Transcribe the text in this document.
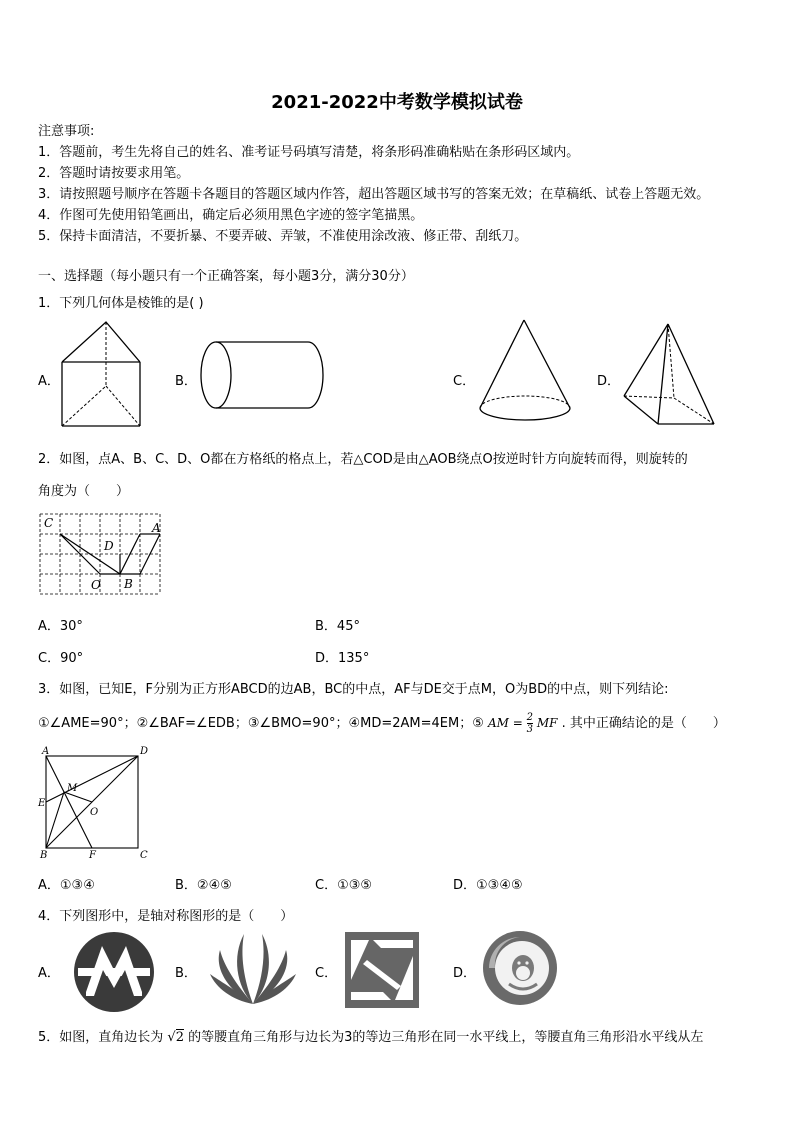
2021-2022中考数学模拟试卷
注意事项:
1．答题前，考生先将自己的姓名、准考证号码填写清楚，将条形码准确粘贴在条形码区域内。
2．答题时请按要求用笔。
3．请按照题号顺序在答题卡各题目的答题区域内作答，超出答题区域书写的答案无效；在草稿纸、试卷上答题无效。
4．作图可先使用铅笔画出，确定后必须用黑色字迹的签字笔描黑。
5．保持卡面清洁，不要折暴、不要弄破、弄皱，不准使用涂改液、修正带、刮纸刀。
一、选择题（每小题只有一个正确答案，每小题3分，满分30分）
1．下列几何体是棱锥的是( )
A．	B．	C．	D．
2．如图，点A、B、C、D、O都在方格纸的格点上，若△COD是由△AOB绕点O按逆时针方向旋转而得，则旋转的
角度为（　　）
C	A
D
O B
A．30°	B．45°
C．90°	D．135°
3．如图，已知E，F分别为正方形ABCD的边AB，BC的中点，AF与DE交于点M，O为BD的中点，则下列结论:
①∠AME=90°；②∠BAF=∠EDB；③∠BMO=90°；④MD=2AM=4EM；⑤ AM = $\frac{2}{3}$ MF . 其中正确结论的是（　　）
A	D
M
E
O
B	F	C
A．①③④	B．②④⑤	C．①③⑤	D．①③④⑤
4．下列图形中，是轴对称图形的是（　　）
A．	B．	C．	D．
5．如图，直角边长为 √2 的等腰直角三角形与边长为3的等边三角形在同一水平线上，等腰直角三角形沿水平线从左
